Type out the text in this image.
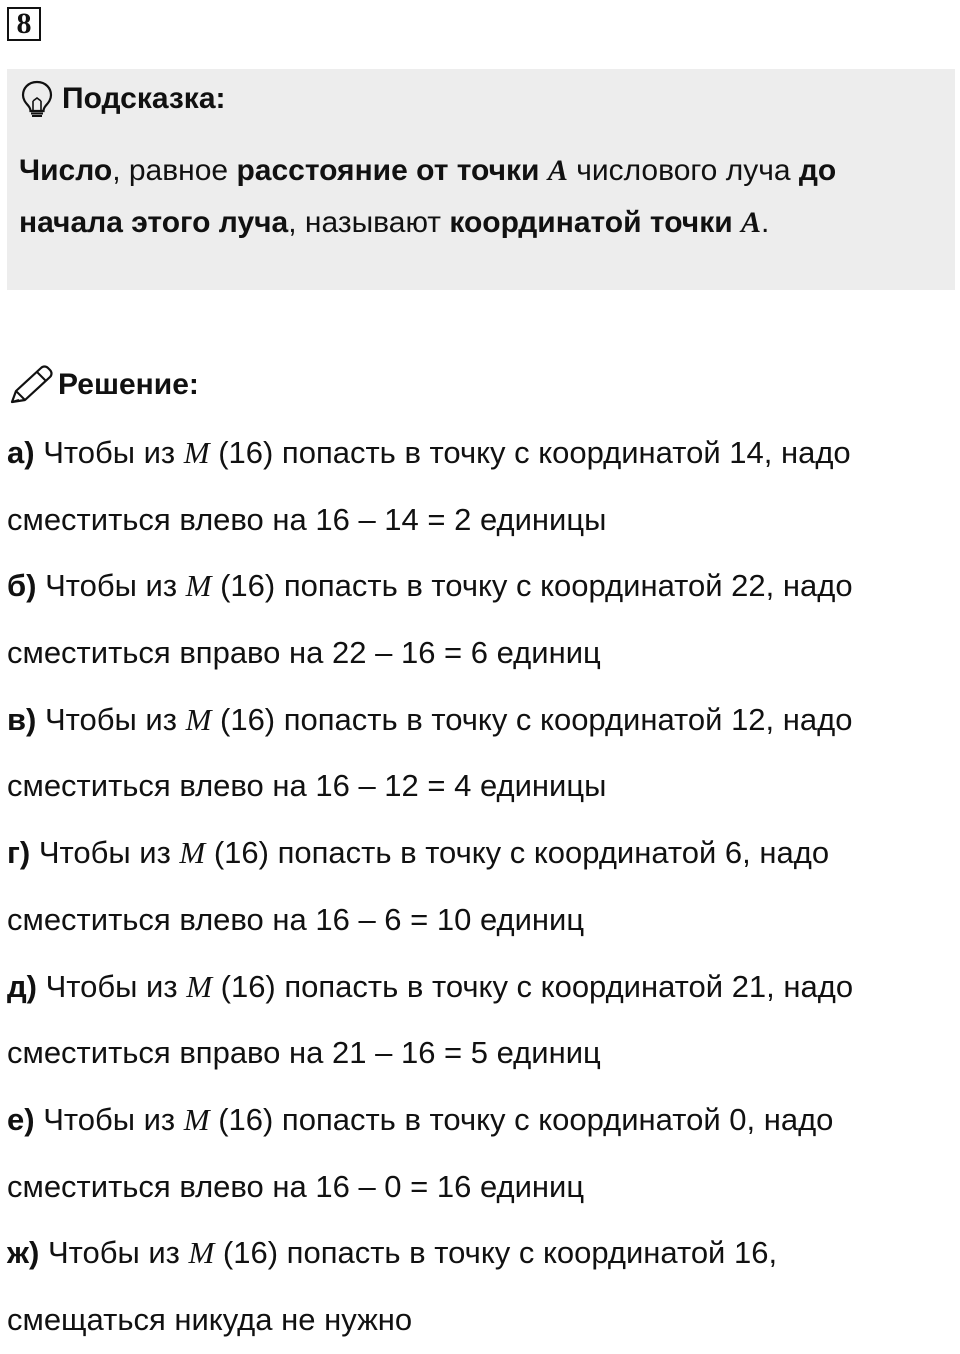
8
Подсказка:
Число, равное расстояние от точки A числового луча до
начала этого луча, называют координатой точки A.
Решение:
а) Чтобы из M (16) попасть в точку с координатой 14, надо
сместиться влево на 16 – 14 = 2 единицы
б) Чтобы из M (16) попасть в точку с координатой 22, надо
сместиться вправо на 22 – 16 = 6 единиц
в) Чтобы из M (16) попасть в точку с координатой 12, надо
сместиться влево на 16 – 12 = 4 единицы
г) Чтобы из M (16) попасть в точку с координатой 6, надо
сместиться влево на 16 – 6 = 10 единиц
д) Чтобы из M (16) попасть в точку с координатой 21, надо
сместиться вправо на 21 – 16 = 5 единиц
е) Чтобы из M (16) попасть в точку с координатой 0, надо
сместиться влево на 16 – 0 = 16 единиц
ж) Чтобы из M (16) попасть в точку с координатой 16,
смещаться никуда не нужно
